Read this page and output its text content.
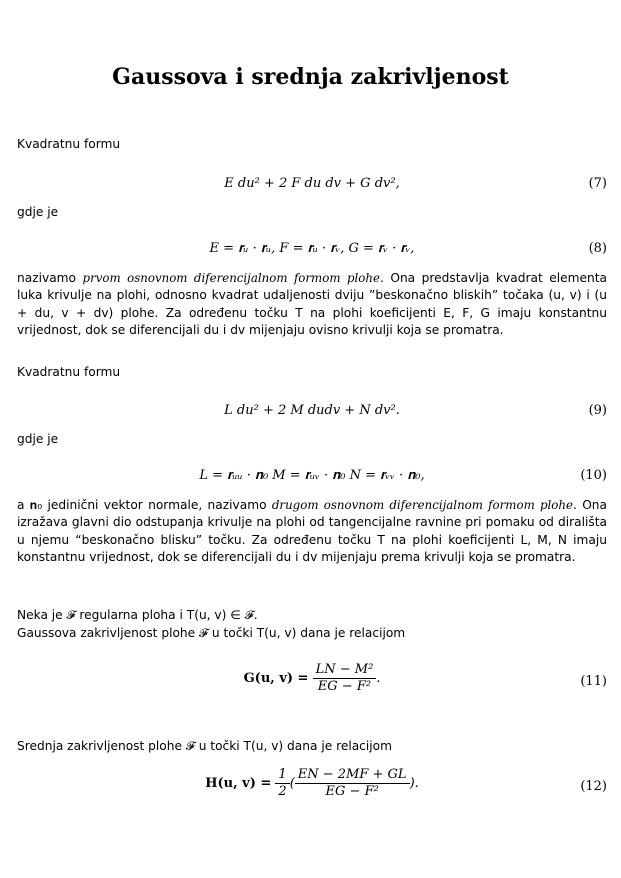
Gaussova i srednja zakrivljenost

Kvadratnu formu

E du² + 2 F du dv + G dv²,	(7)

gdje je

E = 𝐫ᵤ · 𝐫ᵤ, F = 𝐫ᵤ · 𝐫ᵥ, G = 𝐫ᵥ · 𝐫ᵥ,	(8)

nazivamo prvom osnovnom diferencijalnom formom plohe. Ona predstavlja kvadrat elementa luka krivulje na plohi, odnosno kvadrat udaljenosti dviju ”beskonačno bliskih” točaka (u, v) i (u + du, v + dv) plohe. Za određenu točku T na plohi koeficijenti E, F, G imaju konstantnu vrijednost, dok se diferencijali du i dv mijenjaju ovisno krivulji koja se promatra.

Kvadratnu formu

L du² + 2 M dudv + N dv².	(9)

gdje je

L = 𝐫ᵤᵤ · 𝐧₀ M = 𝐫ᵤᵥ · 𝐧₀ N = 𝐫ᵥᵥ · 𝐧₀,	(10)

a 𝐧₀ jedinični vektor normale, nazivamo drugom osnovnom diferencijalnom formom plohe. Ona izražava glavni dio odstupanja krivulje na plohi od tangencijalne ravnine pri pomaku od dirališta u njemu “beskonačno blisku” točku. Za određenu točku T na plohi koeficijenti L, M, N imaju konstantnu vrijednost, dok se diferencijali du i dv mijenjaju prema krivulji koja se promatra.

Neka je 𝓕 regularna ploha i T(u, v) ∈ 𝓕.

Gaussova zakrivljenost plohe 𝓕 u točki T(u, v) dana je relacijom

G(u, $v) = \frac{\text{LN − M²}}{\text{EG − F²}}$ .	(11)

Srednja zakrivljenost plohe 𝓕 u točki T(u, v) dana je relacijom

H(u, $v) = \frac{1}{2}$ ( $\frac{EN - 2MF + GL}{\text{EG − F²}}$ ).	(12)
